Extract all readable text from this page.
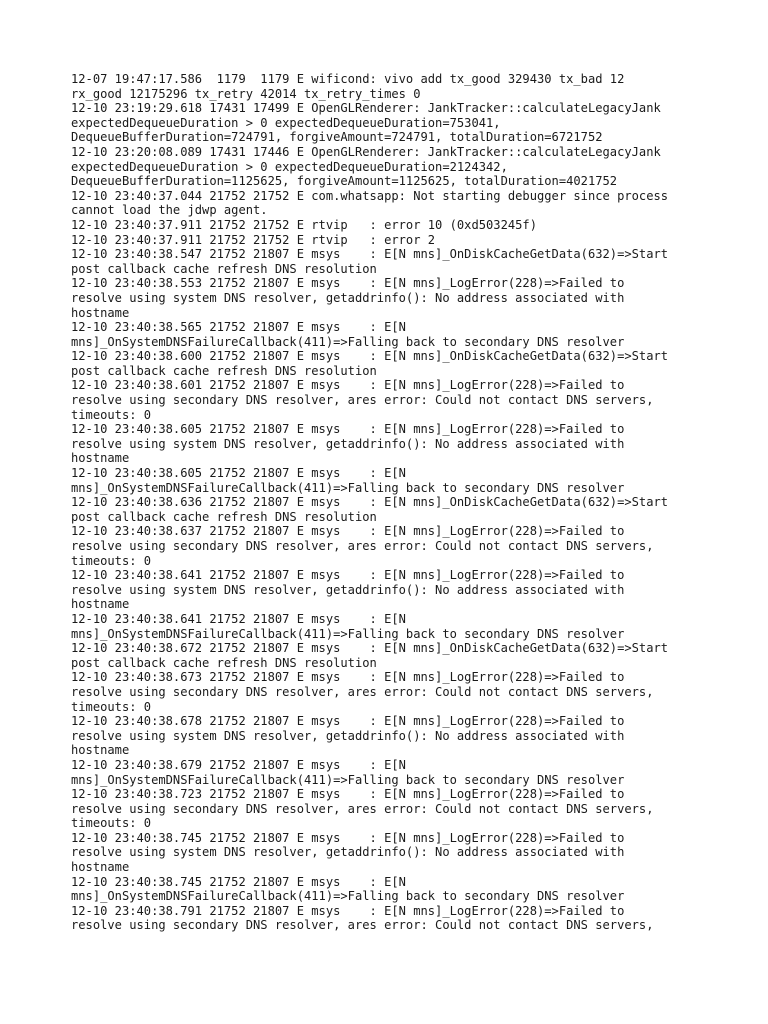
12-07 19:47:17.586  1179  1179 E wificond: vivo add tx_good 329430 tx_bad 12
rx_good 12175296 tx_retry 42014 tx_retry_times 0
12-10 23:19:29.618 17431 17499 E OpenGLRenderer: JankTracker::calculateLegacyJank
expectedDequeueDuration > 0 expectedDequeueDuration=753041,
DequeueBufferDuration=724791, forgiveAmount=724791, totalDuration=6721752
12-10 23:20:08.089 17431 17446 E OpenGLRenderer: JankTracker::calculateLegacyJank
expectedDequeueDuration > 0 expectedDequeueDuration=2124342,
DequeueBufferDuration=1125625, forgiveAmount=1125625, totalDuration=4021752
12-10 23:40:37.044 21752 21752 E com.whatsapp: Not starting debugger since process
cannot load the jdwp agent.
12-10 23:40:37.911 21752 21752 E rtvip   : error 10 (0xd503245f)
12-10 23:40:37.911 21752 21752 E rtvip   : error 2
12-10 23:40:38.547 21752 21807 E msys    : E[N mns]_OnDiskCacheGetData(632)=>Start
post callback cache refresh DNS resolution
12-10 23:40:38.553 21752 21807 E msys    : E[N mns]_LogError(228)=>Failed to
resolve using system DNS resolver, getaddrinfo(): No address associated with
hostname
12-10 23:40:38.565 21752 21807 E msys    : E[N
mns]_OnSystemDNSFailureCallback(411)=>Falling back to secondary DNS resolver
12-10 23:40:38.600 21752 21807 E msys    : E[N mns]_OnDiskCacheGetData(632)=>Start
post callback cache refresh DNS resolution
12-10 23:40:38.601 21752 21807 E msys    : E[N mns]_LogError(228)=>Failed to
resolve using secondary DNS resolver, ares error: Could not contact DNS servers,
timeouts: 0
12-10 23:40:38.605 21752 21807 E msys    : E[N mns]_LogError(228)=>Failed to
resolve using system DNS resolver, getaddrinfo(): No address associated with
hostname
12-10 23:40:38.605 21752 21807 E msys    : E[N
mns]_OnSystemDNSFailureCallback(411)=>Falling back to secondary DNS resolver
12-10 23:40:38.636 21752 21807 E msys    : E[N mns]_OnDiskCacheGetData(632)=>Start
post callback cache refresh DNS resolution
12-10 23:40:38.637 21752 21807 E msys    : E[N mns]_LogError(228)=>Failed to
resolve using secondary DNS resolver, ares error: Could not contact DNS servers,
timeouts: 0
12-10 23:40:38.641 21752 21807 E msys    : E[N mns]_LogError(228)=>Failed to
resolve using system DNS resolver, getaddrinfo(): No address associated with
hostname
12-10 23:40:38.641 21752 21807 E msys    : E[N
mns]_OnSystemDNSFailureCallback(411)=>Falling back to secondary DNS resolver
12-10 23:40:38.672 21752 21807 E msys    : E[N mns]_OnDiskCacheGetData(632)=>Start
post callback cache refresh DNS resolution
12-10 23:40:38.673 21752 21807 E msys    : E[N mns]_LogError(228)=>Failed to
resolve using secondary DNS resolver, ares error: Could not contact DNS servers,
timeouts: 0
12-10 23:40:38.678 21752 21807 E msys    : E[N mns]_LogError(228)=>Failed to
resolve using system DNS resolver, getaddrinfo(): No address associated with
hostname
12-10 23:40:38.679 21752 21807 E msys    : E[N
mns]_OnSystemDNSFailureCallback(411)=>Falling back to secondary DNS resolver
12-10 23:40:38.723 21752 21807 E msys    : E[N mns]_LogError(228)=>Failed to
resolve using secondary DNS resolver, ares error: Could not contact DNS servers,
timeouts: 0
12-10 23:40:38.745 21752 21807 E msys    : E[N mns]_LogError(228)=>Failed to
resolve using system DNS resolver, getaddrinfo(): No address associated with
hostname
12-10 23:40:38.745 21752 21807 E msys    : E[N
mns]_OnSystemDNSFailureCallback(411)=>Falling back to secondary DNS resolver
12-10 23:40:38.791 21752 21807 E msys    : E[N mns]_LogError(228)=>Failed to
resolve using secondary DNS resolver, ares error: Could not contact DNS servers,
